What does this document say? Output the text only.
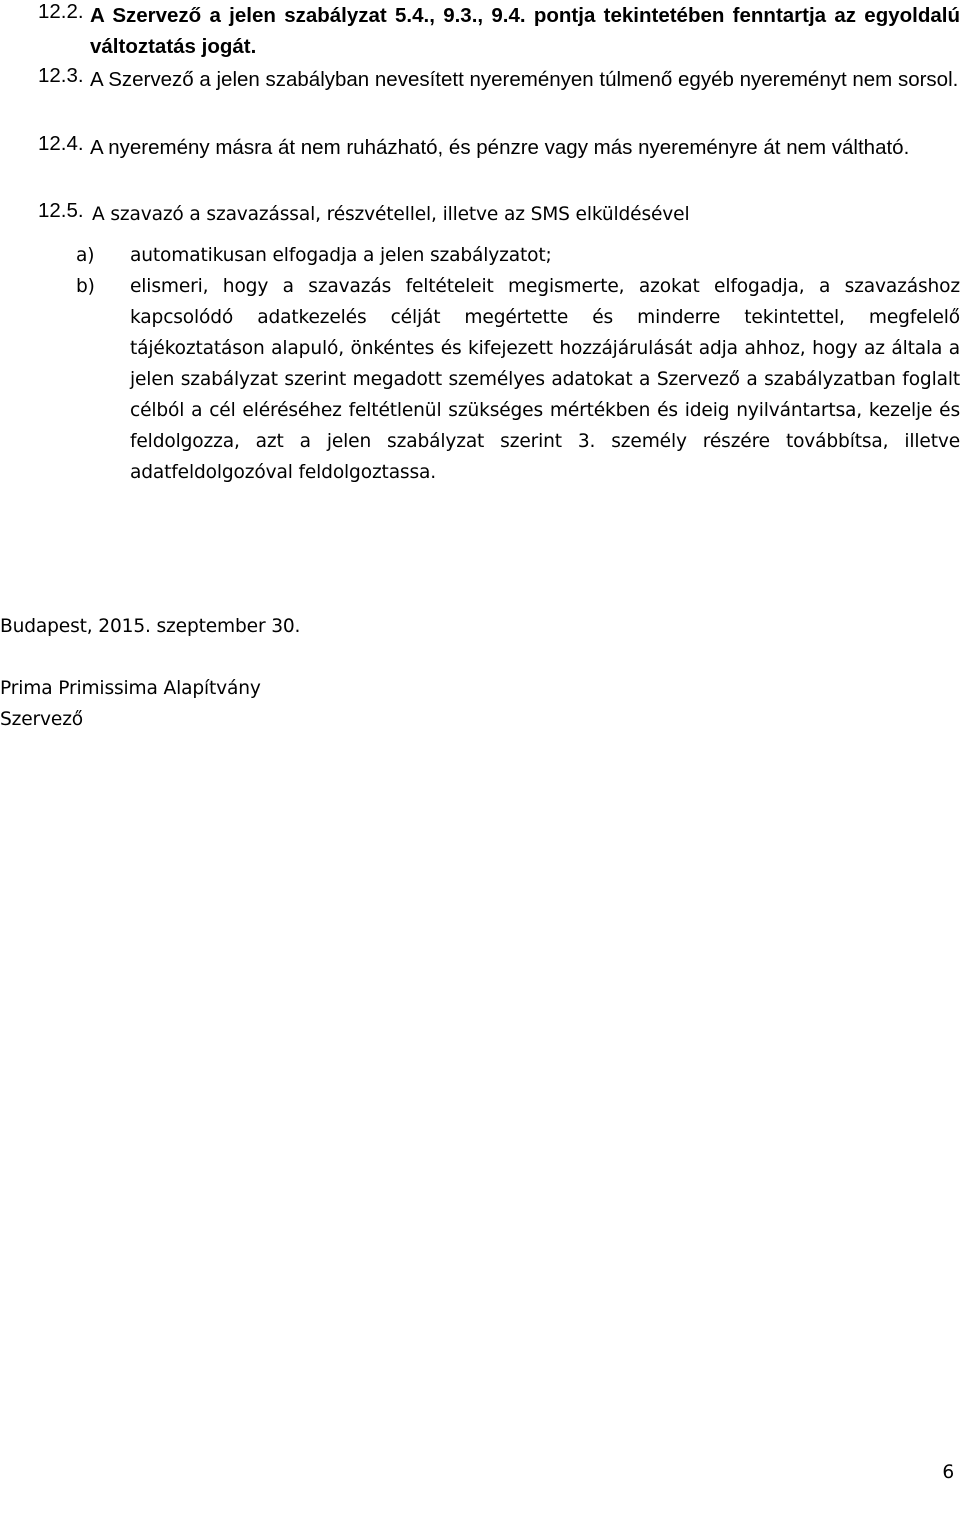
12.2. A Szervező a jelen szabályzat 5.4., 9.3., 9.4. pontja tekintetében fenntartja az egyoldalú változtatás jogát.
12.3. A Szervező a jelen szabályban nevesített nyereményen túlmenő egyéb nyereményt nem sorsol.
12.4. A nyeremény másra át nem ruházható, és pénzre vagy más nyereményre át nem váltható.
12.5. A szavazó a szavazással, részvétellel, illetve az SMS elküldésével
a) automatikusan elfogadja a jelen szabályzatot;
b) elismeri, hogy a szavazás feltételeit megismerte, azokat elfogadja, a szavazáshoz kapcsolódó adatkezelés célját megértette és minderre tekintettel, megfelelő tájékoztatáson alapuló, önkéntes és kifejezett hozzájárulását adja ahhoz, hogy az általa a jelen szabályzat szerint megadott személyes adatokat a Szervező a szabályzatban foglalt célból a cél eléréséhez feltétlenül szükséges mértékben és ideig nyilvántartsa, kezelje és feldolgozza, azt a jelen szabályzat szerint 3. személy részére továbbítsa, illetve adatfeldolgozóval feldolgoztassa.
Budapest, 2015. szeptember 30.
Prima Primissima Alapítvány
Szervező
6
